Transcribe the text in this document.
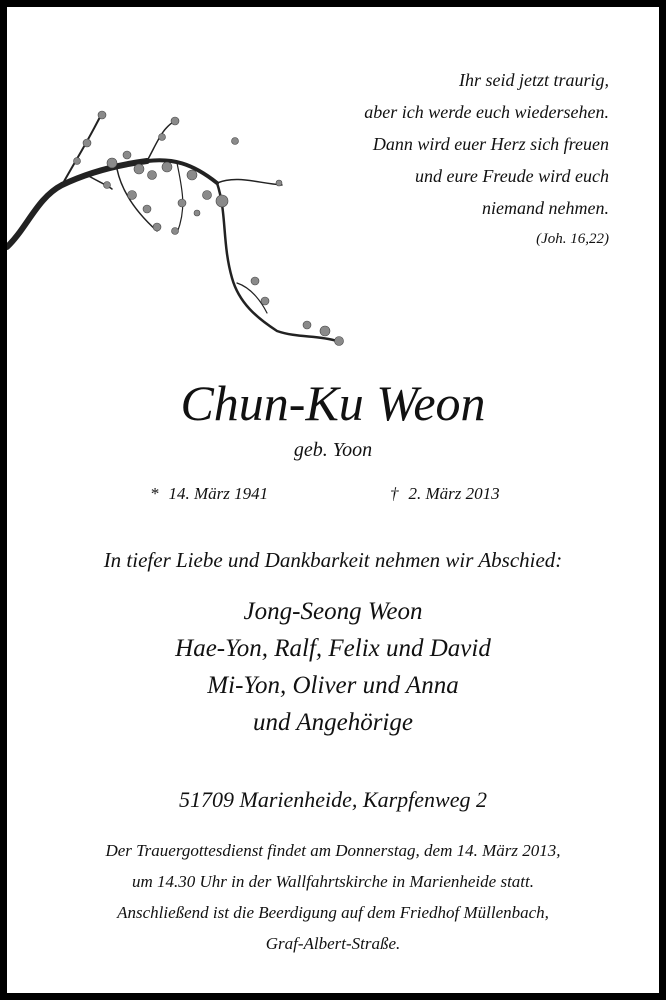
Ihr seid jetzt traurig,
aber ich werde euch wiedersehen.
Dann wird euer Herz sich freuen
und eure Freude wird euch
niemand nehmen.
(Joh. 16,22)
Chun-Ku Weon
geb. Yoon
* 14. März 1941	† 2. März 2013
In tiefer Liebe und Dankbarkeit nehmen wir Abschied:
Jong-Seong Weon
Hae-Yon, Ralf, Felix und David
Mi-Yon, Oliver und Anna
und Angehörige
51709 Marienheide, Karpfenweg 2
Der Trauergottesdienst findet am Donnerstag, dem 14. März 2013,
um 14.30 Uhr in der Wallfahrtskirche in Marienheide statt.
Anschließend ist die Beerdigung auf dem Friedhof Müllenbach,
Graf-Albert-Straße.
